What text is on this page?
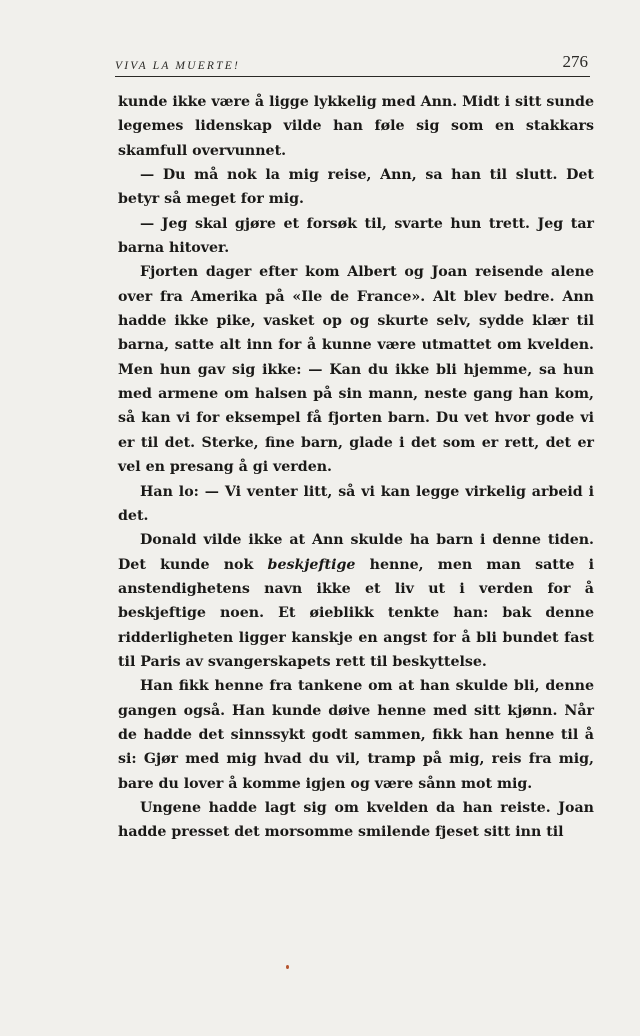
VIVA LA MUERTE!	276

kunde ikke være å ligge lykkelig med Ann. Midt i sitt sunde legemes lidenskap vilde han føle sig som en stakkars skamfull overvunnet.

— Du må nok la mig reise, Ann, sa han til slutt. Det betyr så meget for mig.

— Jeg skal gjøre et forsøk til, svarte hun trett. Jeg tar barna hitover.

Fjorten dager efter kom Albert og Joan reisende alene over fra Amerika på «Ile de France». Alt blev bedre. Ann hadde ikke pike, vasket op og skurte selv, sydde klær til barna, satte alt inn for å kunne være utmattet om kvelden. Men hun gav sig ikke: — Kan du ikke bli hjemme, sa hun med armene om halsen på sin mann, neste gang han kom, så kan vi for eksempel få fjorten barn. Du vet hvor gode vi er til det. Sterke, fine barn, glade i det som er rett, det er vel en presang å gi verden.

Han lo: — Vi venter litt, så vi kan legge virkelig arbeid i det.

Donald vilde ikke at Ann skulde ha barn i denne tiden. Det kunde nok beskjeftige henne, men man satte i anstendighetens navn ikke et liv ut i verden for å beskjeftige noen. Et øieblikk tenkte han: bak denne ridderligheten ligger kanskje en angst for å bli bundet fast til Paris av svangerskapets rett til beskyttelse.

Han fikk henne fra tankene om at han skulde bli, denne gangen også. Han kunde døive henne med sitt kjønn. Når de hadde det sinnssykt godt sammen, fikk han henne til å si: Gjør med mig hvad du vil, tramp på mig, reis fra mig, bare du lover å komme igjen og være sånn mot mig.

Ungene hadde lagt sig om kvelden da han reiste. Joan hadde presset det morsomme smilende fjeset sitt inn til
